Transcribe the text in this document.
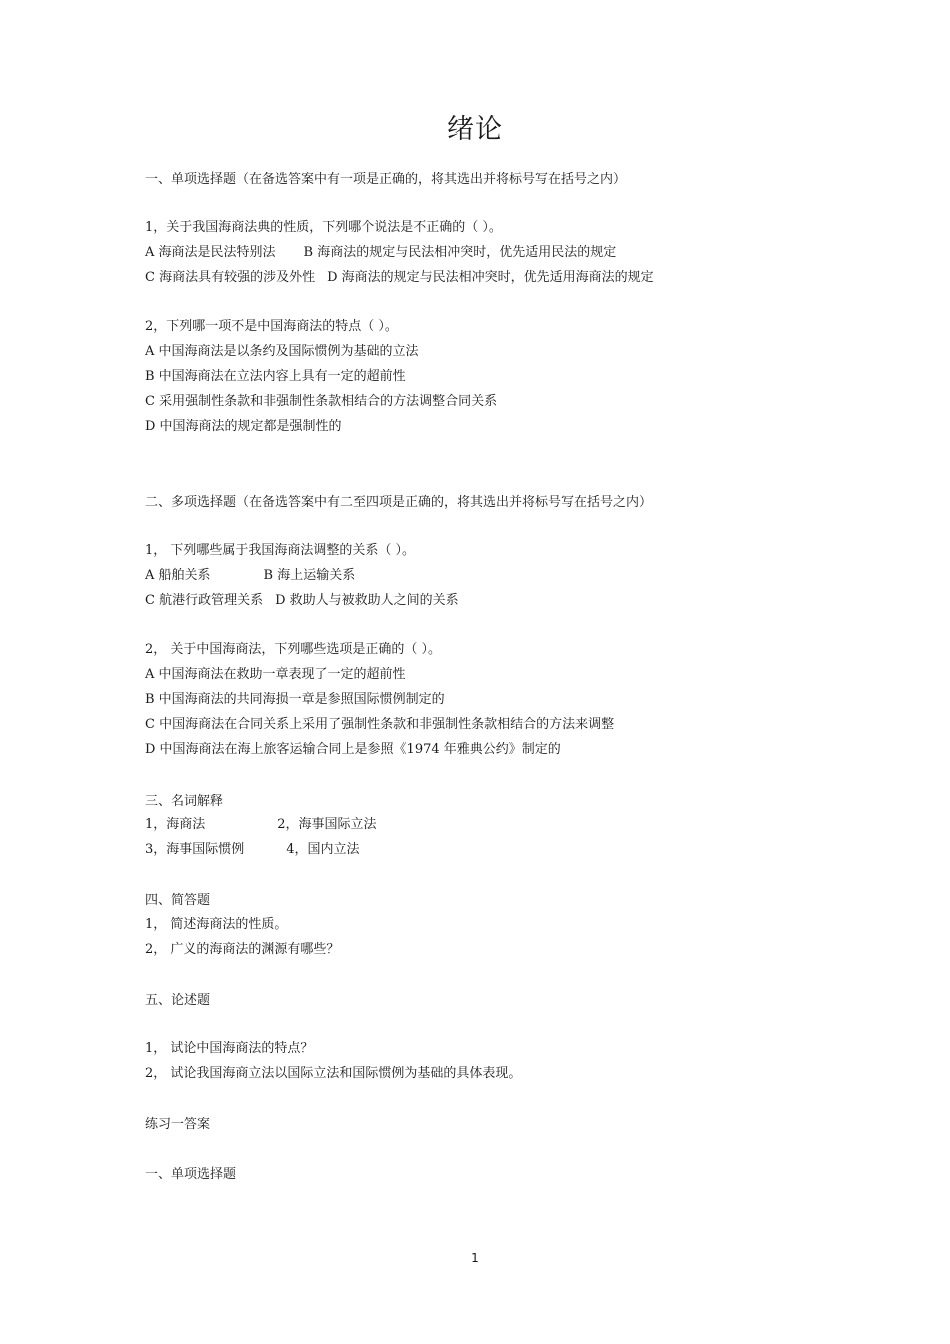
绪论
一、单项选择题（在备选答案中有一项是正确的，将其选出并将标号写在括号之内）
1，关于我国海商法典的性质，下列哪个说法是不正确的（ ）。
A 海商法是民法特别法 B 海商法的规定与民法相冲突时，优先适用民法的规定
C 海商法具有较强的涉及外性 D 海商法的规定与民法相冲突时，优先适用海商法的规定
2，下列哪一项不是中国海商法的特点（ ）。
A 中国海商法是以条约及国际惯例为基础的立法
B 中国海商法在立法内容上具有一定的超前性
C 采用强制性条款和非强制性条款相结合的方法调整合同关系
D 中国海商法的规定都是强制性的
二、多项选择题（在备选答案中有二至四项是正确的，将其选出并将标号写在括号之内）
1， 下列哪些属于我国海商法调整的关系（ ）。
A 船舶关系	B 海上运输关系
C 航港行政管理关系 D 救助人与被救助人之间的关系
2， 关于中国海商法，下列哪些选项是正确的（ ）。
A 中国海商法在救助一章表现了一定的超前性
B 中国海商法的共同海损一章是参照国际惯例制定的
C 中国海商法在合同关系上采用了强制性条款和非强制性条款相结合的方法来调整
D 中国海商法在海上旅客运输合同上是参照《1974 年雅典公约》制定的
三、名词解释
1，海商法	2，海事国际立法
3，海事国际惯例	4，国内立法
四、简答题
1， 简述海商法的性质。
2， 广义的海商法的渊源有哪些？
五、论述题
1， 试论中国海商法的特点？
2， 试论我国海商立法以国际立法和国际惯例为基础的具体表现。
练习一答案
一、单项选择题
1
